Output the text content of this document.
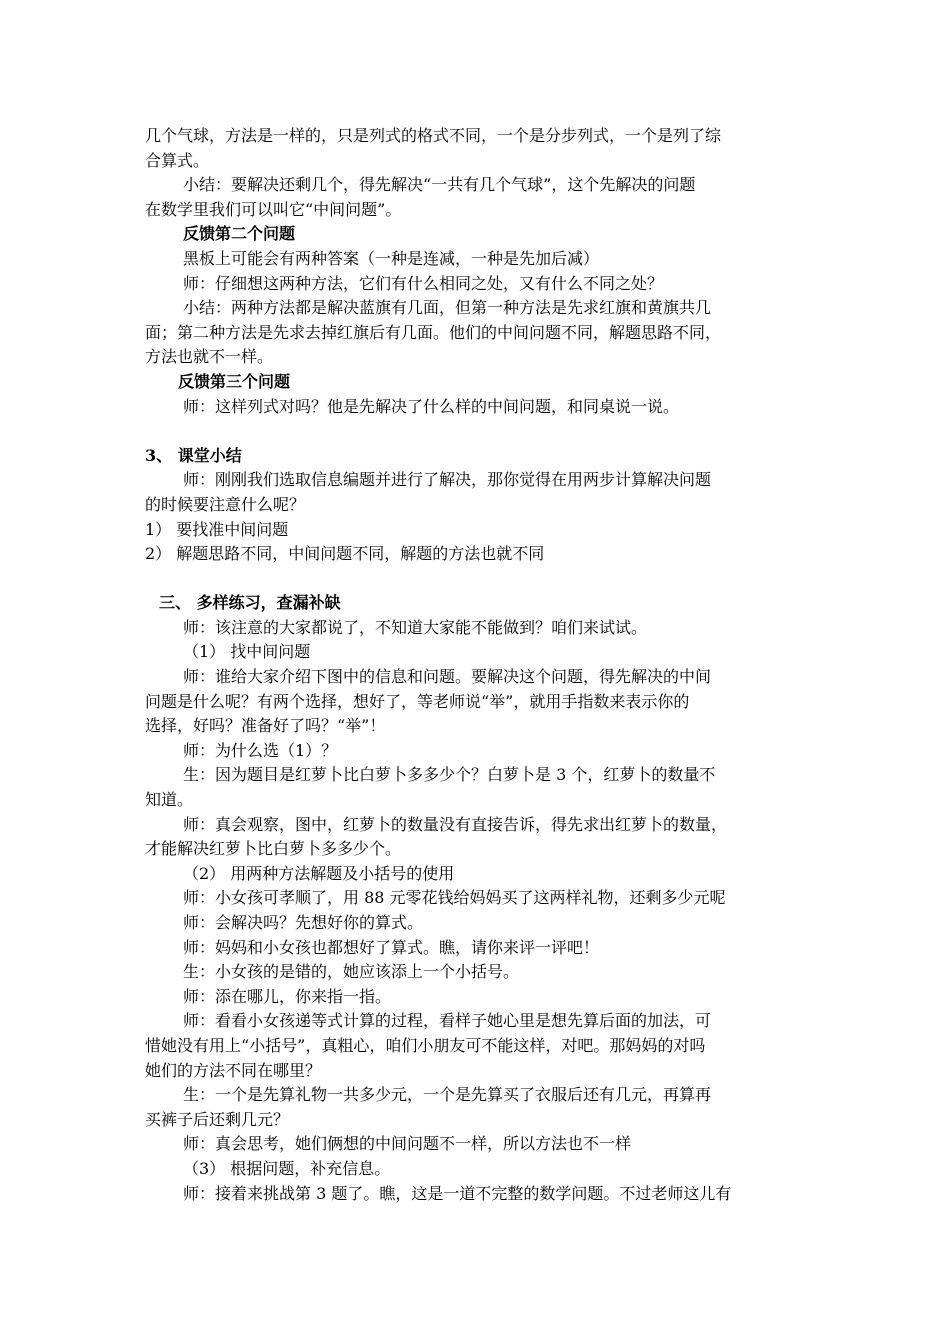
几个气球，方法是一样的，只是列式的格式不同，一个是分步列式，一个是列了综
合算式。
小结：要解决还剩几个，得先解决“一共有几个气球”，这个先解决的问题
在数学里我们可以叫它“中间问题”。
反馈第二个问题
黑板上可能会有两种答案（一种是连减，一种是先加后减）
师：仔细想这两种方法，它们有什么相同之处，又有什么不同之处？
小结：两种方法都是解决蓝旗有几面，但第一种方法是先求红旗和黄旗共几
面；第二种方法是先求去掉红旗后有几面。他们的中间问题不同，解题思路不同，
方法也就不一样。
反馈第三个问题
师：这样列式对吗？他是先解决了什么样的中间问题，和同桌说一说。
3、 课堂小结
师：刚刚我们选取信息编题并进行了解决，那你觉得在用两步计算解决问题
的时候要注意什么呢？
1） 要找准中间问题
2） 解题思路不同，中间问题不同，解题的方法也就不同
三、 多样练习，查漏补缺
师：该注意的大家都说了，不知道大家能不能做到？咱们来试试。
（1） 找中间问题
师：谁给大家介绍下图中的信息和问题。要解决这个问题，得先解决的中间
问题是什么呢？有两个选择，想好了，等老师说“举”，就用手指数来表示你的
选择，好吗？准备好了吗？“举”！
师：为什么选（1）？
生：因为题目是红萝卜比白萝卜多多少个？白萝卜是 3 个，红萝卜的数量不
知道。
师：真会观察，图中，红萝卜的数量没有直接告诉，得先求出红萝卜的数量，
才能解决红萝卜比白萝卜多多少个。
（2） 用两种方法解题及小括号的使用
师：小女孩可孝顺了，用 88 元零花钱给妈妈买了这两样礼物，还剩多少元呢
师：会解决吗？先想好你的算式。
师：妈妈和小女孩也都想好了算式。瞧，请你来评一评吧！
生：小女孩的是错的，她应该添上一个小括号。
师：添在哪儿，你来指一指。
师：看看小女孩递等式计算的过程，看样子她心里是想先算后面的加法，可
惜她没有用上“小括号”，真粗心，咱们小朋友可不能这样，对吧。那妈妈的对吗
她们的方法不同在哪里？
生：一个是先算礼物一共多少元，一个是先算买了衣服后还有几元，再算再
买裤子后还剩几元？
师：真会思考，她们俩想的中间问题不一样，所以方法也不一样
（3） 根据问题，补充信息。
师：接着来挑战第 3 题了。瞧，这是一道不完整的数学问题。不过老师这儿有
